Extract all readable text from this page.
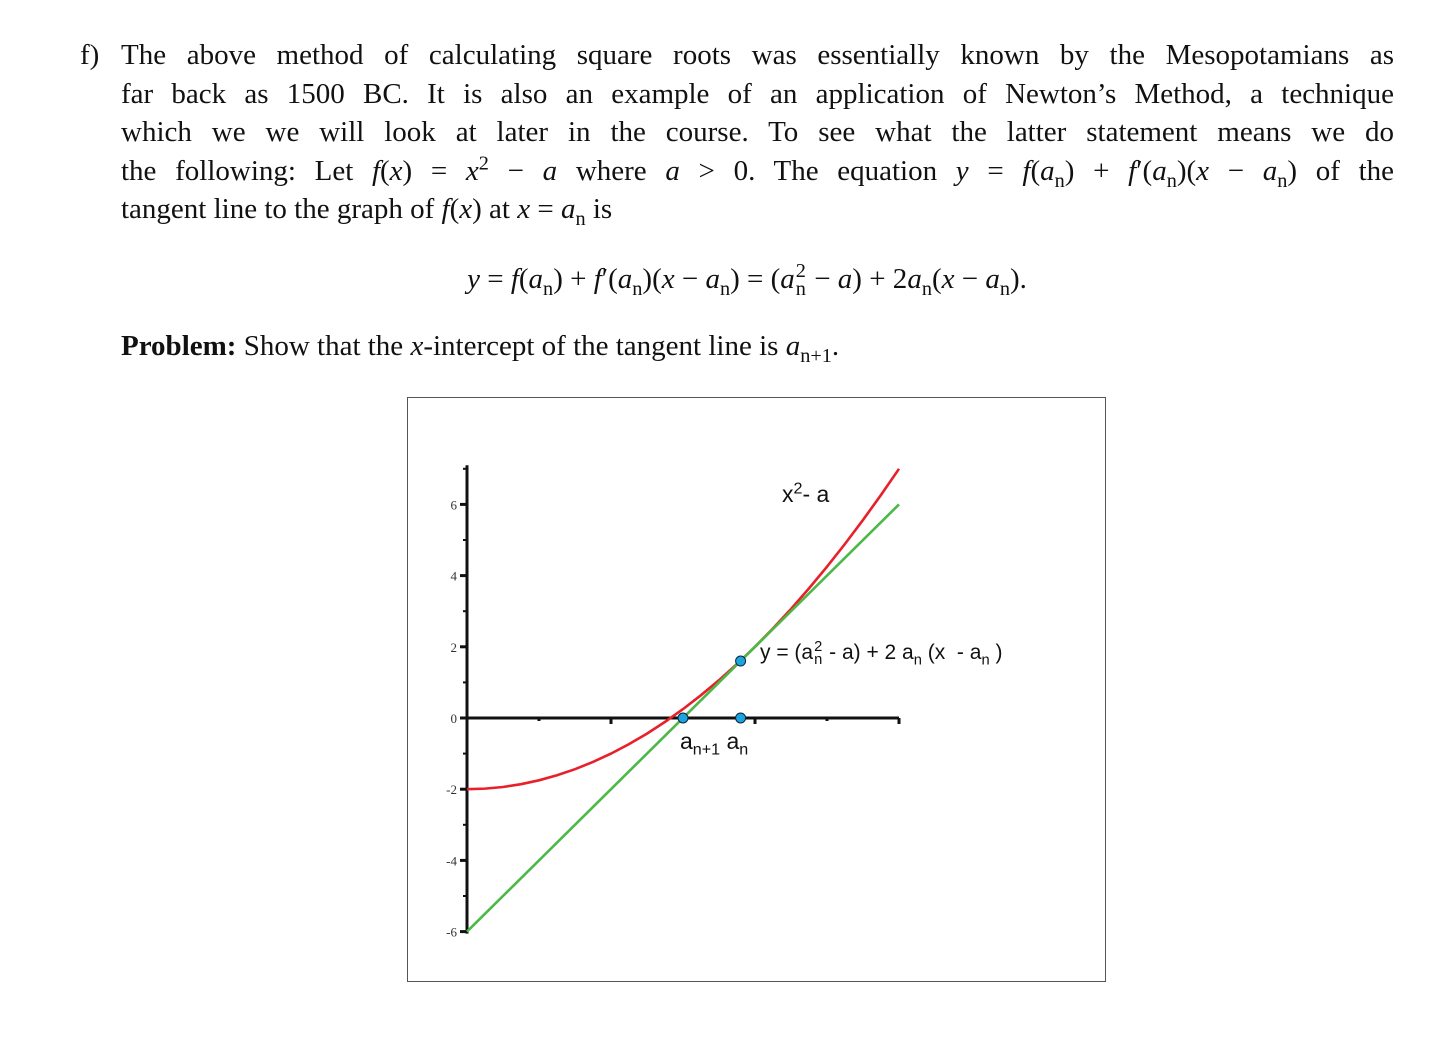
f) The above method of calculating square roots was essentially known by the Mesopotamians as
far back as 1500 BC. It is also an example of an application of Newton’s Method, a technique
which we we will look at later in the course. To see what the latter statement means we do
the following: Let $f(x) = x^2 - a$ where a > 0. The equation $y = f(a_n) + f'(a_n)(x - a_n)$ of the
tangent line to the graph of f(x) at $x = a_n$ is
$y = f(a_n) + f'(a_n)(x - a_n) = (a$ 2
$n - a) + 2a_n(x - a_n)$.
Problem: Show that the x-intercept of the tangent line is $a_{n+1}$.
-6
-4
-2
0
2
4
6	$x^2-$ a
y = (a 2
n - a) + 2 $a_n$ ($x - a_n$ )
$a_{n+1}$ $a_n$
